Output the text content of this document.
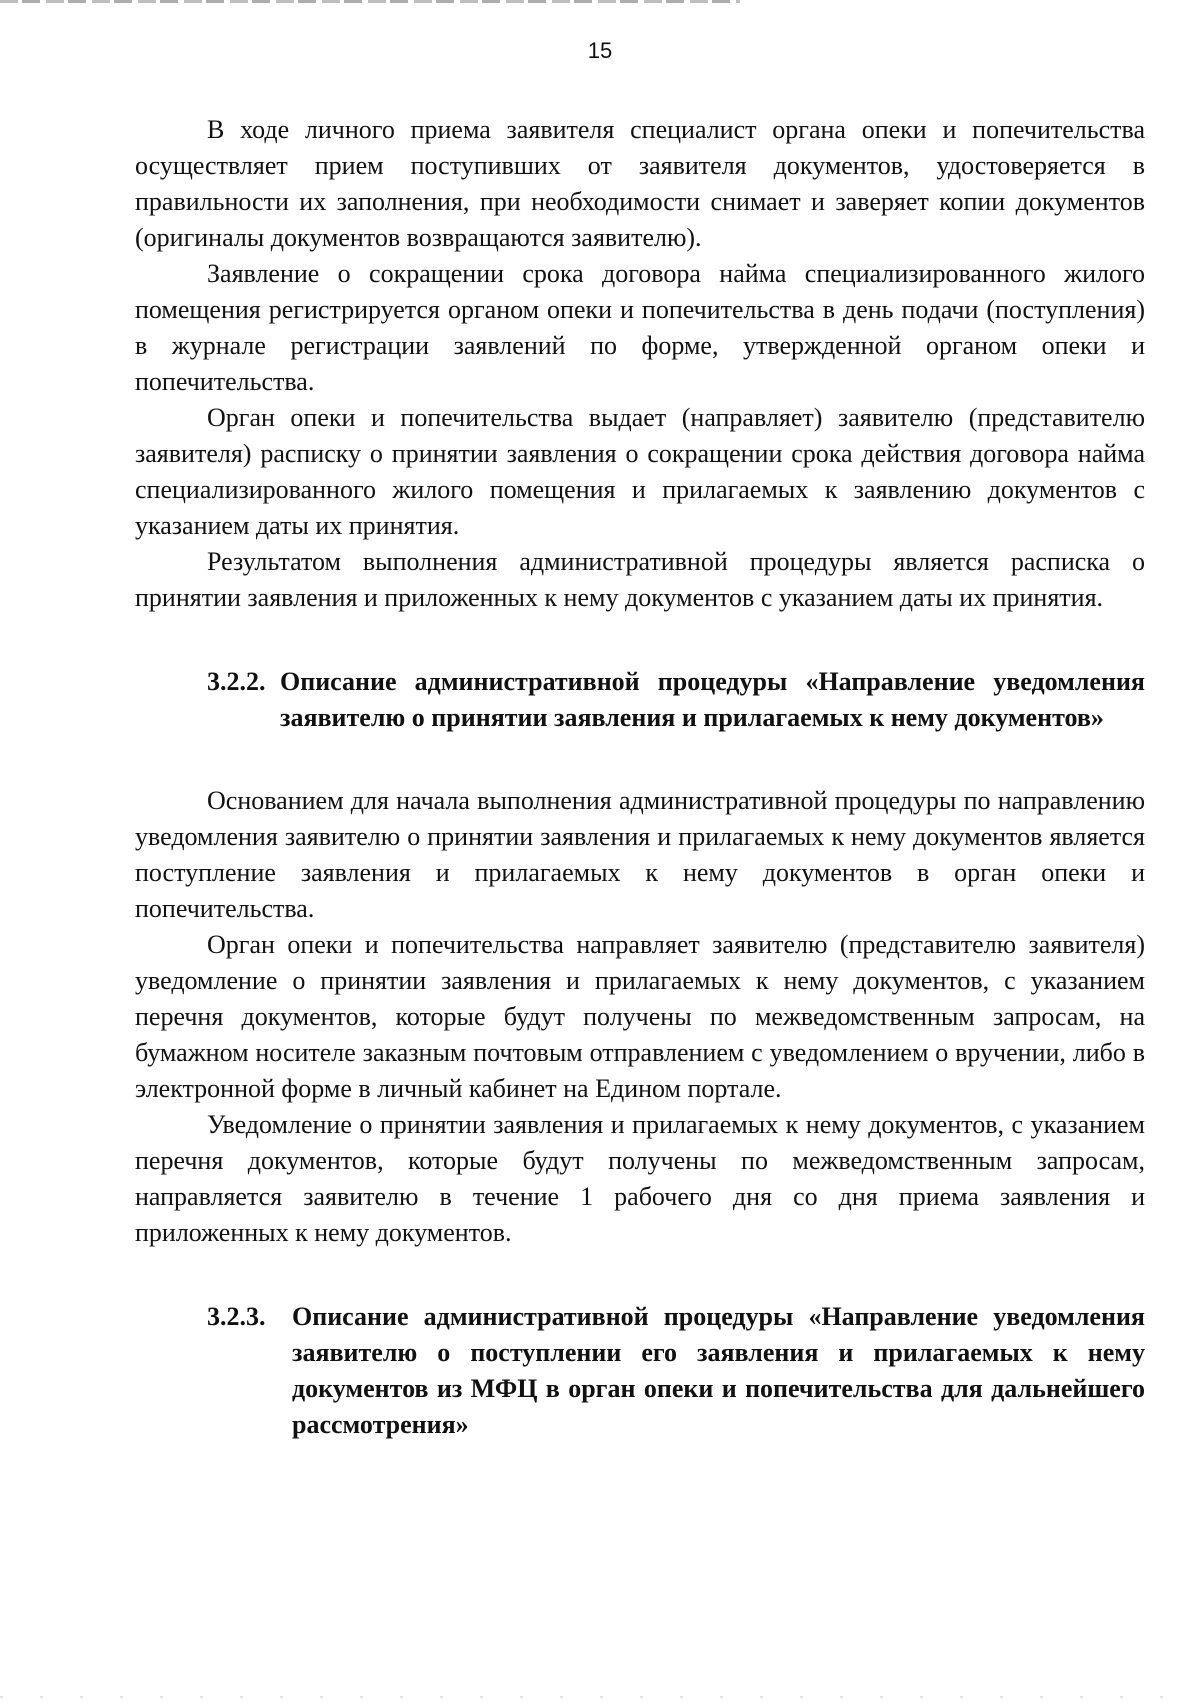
15

В ходе личного приема заявителя специалист органа опеки и попечительства осуществляет прием поступивших от заявителя документов, удостоверяется в правильности их заполнения, при необходимости снимает и заверяет копии документов (оригиналы документов возвращаются заявителю).

Заявление о сокращении срока договора найма специализированного жилого помещения регистрируется органом опеки и попечительства в день подачи (поступления) в журнале регистрации заявлений по форме, утвержденной органом опеки и попечительства.

Орган опеки и попечительства выдает (направляет) заявителю (представителю заявителя) расписку о принятии заявления о сокращении срока действия договора найма специализированного жилого помещения и прилагаемых к заявлению документов с указанием даты их принятия.

Результатом выполнения административной процедуры является расписка о принятии заявления и приложенных к нему документов с указанием даты их принятия.

3.2.2. Описание административной процедуры «Направление уведомления заявителю о принятии заявления и прилагаемых к нему документов»

Основанием для начала выполнения административной процедуры по направлению уведомления заявителю о принятии заявления и прилагаемых к нему документов является поступление заявления и прилагаемых к нему документов в орган опеки и попечительства.

Орган опеки и попечительства направляет заявителю (представителю заявителя) уведомление о принятии заявления и прилагаемых к нему документов, с указанием перечня документов, которые будут получены по межведомственным запросам, на бумажном носителе заказным почтовым отправлением с уведомлением о вручении, либо в электронной форме в личный кабинет на Едином портале.

Уведомление о принятии заявления и прилагаемых к нему документов, с указанием перечня документов, которые будут получены по межведомственным запросам, направляется заявителю в течение 1 рабочего дня со дня приема заявления и приложенных к нему документов.

3.2.3. Описание административной процедуры «Направление уведомления заявителю о поступлении его заявления и прилагаемых к нему документов из МФЦ в орган опеки и попечительства для дальнейшего рассмотрения»
